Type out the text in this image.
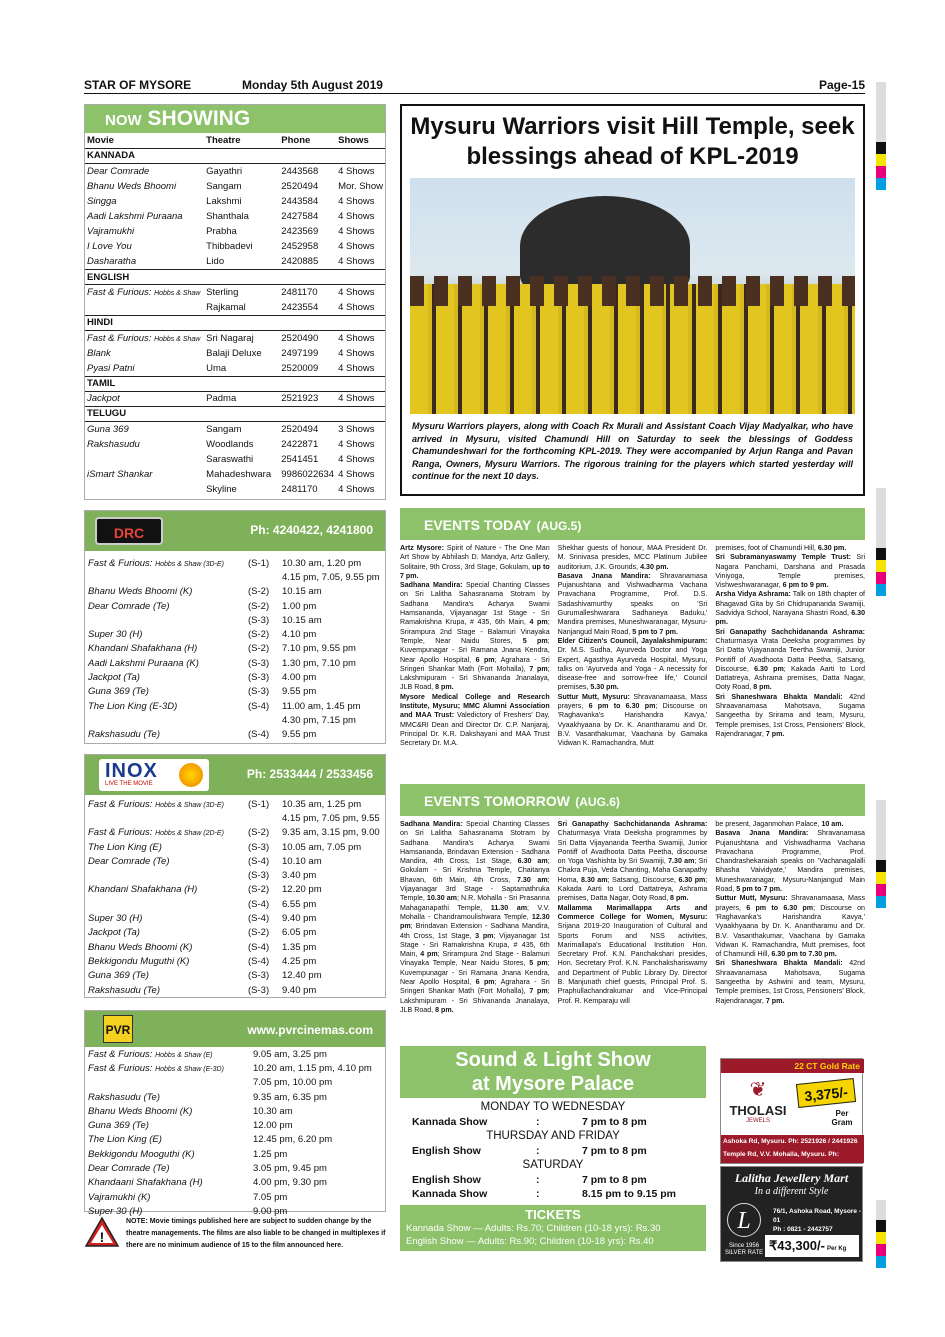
STAR OF MYSORE	Monday 5th August 2019	Page-15
NOW SHOWING
Movie	Theatre	Phone	Shows
KANNADA			
Dear Comrade	Gayathri	2443568	4 Shows
Bhanu Weds Bhoomi	Sangam	2520494	Mor. Show
Singga	Lakshmi	2443584	4 Shows
Aadi Lakshmi Puraana	Shanthala	2427584	4 Shows
Vajramukhi	Prabha	2423569	4 Shows
I Love You	Thibbadevi	2452958	4 Shows
Dasharatha	Lido	2420885	4 Shows
ENGLISH			
Fast & Furious: Hobbs & Shaw	Sterling	2481170	4 Shows
	Rajkamal	2423554	4 Shows
HINDI			
Fast & Furious: Hobbs & Shaw	Sri Nagaraj	2520490	4 Shows
Blank	Balaji Deluxe	2497199	4 Shows
Pyasi Patni	Uma	2520009	4 Shows
TAMIL			
Jackpot	Padma	2521923	4 Shows
TELUGU			
Guna 369	Sangam	2520494	3 Shows
Rakshasudu	Woodlands	2422871	4 Shows
	Saraswathi	2541451	4 Shows
iSmart Shankar	Mahadeshwara	9986022634	4 Shows
	Skyline	2481170	4 Shows
DRC	Ph: 4240422, 4241800
Fast & Furious: Hobbs & Shaw (3D-E)	(S-1)	10.30 am, 1.20 pm
		4.15 pm, 7.05, 9.55 pm
Bhanu Weds Bhoomi (K)	(S-2)	10.15 am
Dear Comrade (Te)	(S-2)	1.00 pm
	(S-3)	10.15 am
Super 30 (H)	(S-2)	4.10 pm
Khandani Shafakhana (H)	(S-2)	7.10 pm, 9.55 pm
Aadi Lakshmi Puraana (K)	(S-3)	1.30 pm, 7.10 pm
Jackpot (Ta)	(S-3)	4.00 pm
Guna 369 (Te)	(S-3)	9.55 pm
The Lion King (E-3D)	(S-4)	11.00 am, 1.45 pm
		4.30 pm, 7.15 pm
Rakshasudu (Te)	(S-4)	9.55 pm
INOX
LIVE THE MOVIE
Ph: 2533444 / 2533456
Fast & Furious: Hobbs & Shaw (3D-E)	(S-1)	10.35 am, 1.25 pm
		4.15 pm, 7.05 pm, 9.55
Fast & Furious: Hobbs & Shaw (2D-E)	(S-2)	9.35 am, 3.15 pm, 9.00
The Lion King (E)	(S-3)	10.05 am, 7.05 pm
Dear Comrade (Te)	(S-4)	10.10 am
	(S-3)	3.40 pm
Khandani Shafakhana (H)	(S-2)	12.20 pm
	(S-4)	6.55 pm
Super 30 (H)	(S-4)	9.40 pm
Jackpot (Ta)	(S-2)	6.05 pm
Bhanu Weds Bhoomi (K)	(S-4)	1.35 pm
Bekkigondu Muguthi (K)	(S-4)	4.25 pm
Guna 369 (Te)	(S-3)	12.40 pm
Rakshasudu (Te)	(S-3)	9.40 pm
PVR	www.pvrcinemas.com
Fast & Furious: Hobbs & Shaw (E)	9.05 am, 3.25 pm
Fast & Furious: Hobbs & Shaw (E-3D)	10.20 am, 1.15 pm, 4.10 pm
	7.05 pm, 10.00 pm
Rakshasudu (Te)	9.35 am, 6.35 pm
Bhanu Weds Bhoomi (K)	10.30 am
Guna 369 (Te)	12.00 pm
The Lion King (E)	12.45 pm, 6.20 pm
Bekkigondu Mooguthi (K)	1.25 pm
Dear Comrade (Te)	3.05 pm, 9.45 pm
Khandaani Shafakhana (H)	4.00 pm, 9.30 pm
Vajramukhi (K)	7.05 pm
Super 30 (H)	9.00 pm
!
NOTE: Movie timings published here are subject to sudden change by the theatre managements. The films are also liable to be changed in multiplexes if there are no minimum audience of 15 to the film announced here.
Mysuru Warriors visit Hill Temple, seek blessings ahead of KPL-2019
Mysuru Warriors players, along with Coach Rx Murali and Assistant Coach Vijay Madyalkar, who have arrived in Mysuru, visited Chamundi Hill on Saturday to seek the blessings of Goddess Chamundeshwari for the forthcoming KPL-2019. They were accompanied by Arjun Ranga and Pavan Ranga, Owners, Mysuru Warriors. The rigorous training for the players which started yesterday will continue for the next 10 days.
EVENTS TODAY (AUG.5)
Artz Mysore: Spirit of Nature - The One Man Art Show by Abhilash D. Mandya, Artz Gallery, Solitaire, 9th Cross, 3rd Stage, Gokulam, up to 7 pm.
Sadhana Mandira: Special Chanting Classes on Sri Lalitha Sahasranama Stotram by Sadhana Mandira's Acharya Swami Hamsananda, Vijayanagar 1st Stage - Sri Ramakrishna Krupa, # 435, 6th Main, 4 pm; Srirampura 2nd Stage - Balamuri Vinayaka Temple, Near Naidu Stores, 5 pm; Kuvempunagar - Sri Ramana Jnana Kendra, Near Apollo Hospital, 6 pm; Agrahara - Sri Sringeri Shankar Math (Fort Mohalla), 7 pm; Lakshmipuram - Sri Shivananda Jnanalaya, JLB Road, 8 pm.
Mysore Medical College and Research Institute, Mysuru; MMC Alumni Association and MAA Trust: Valedictory of Freshers' Day, MMC&RI Dean and Director Dr. C.P. Nanjaraj, Principal Dr. K.R. Dakshayani and MAA Trust Secretary Dr. M.A.
Shekhar guests of honour, MAA President Dr. M. Srinivasa presides, MCC Platinum Jubilee auditorium, J.K. Grounds, 4.30 pm.
Basava Jnana Mandira: Shravanamasa Pujanushtana and Vishwadharma Vachana Pravachana Programme, Prof. D.S. Sadashivamurthy speaks on 'Sri Gurumalleshwarara Sadhaneya Baduku,' Mandira premises, Muneshwaranagar, Mysuru-Nanjangud Main Road, 5 pm to 7 pm.
Elder Citizen's Council, Jayalakshmipuram: Dr. M.S. Sudha, Ayurveda Doctor and Yoga Expert, Agasthya Ayurveda Hospital, Mysuru, talks on 'Ayurveda and Yoga - A necessity for disease-free and sorrow-free life,' Council premises, 5.30 pm.
Suttur Mutt, Mysuru: Shravanamaasa, Mass prayers, 6 pm to 6.30 pm; Discourse on 'Raghavanka's Harishandra Kavya,' Vyaakhyaana by Dr. K. Anantharamu and Dr. B.V. Vasanthakumar, Vaachana by Gamaka Vidwan K. Ramachandra, Mutt
premises, foot of Chamundi Hill, 6.30 pm.
Sri Subramanyaswamy Temple Trust: Sri Nagara Panchami, Darshana and Prasada Viniyoga, Temple premises, Vishweshwaranagar, 6 pm to 9 pm.
Arsha Vidya Ashrama: Talk on 18th chapter of Bhagavad Gita by Sri Chidrupananda Swamiji, Sadvidya School, Narayana Shastri Road, 6.30 pm.
Sri Ganapathy Sachchidananda Ashrama: Chaturmasya Vrata Deeksha programmes by Sri Datta Vijayananda Teertha Swamiji, Junior Pontiff of Avadhoota Datta Peetha, Satsang, Discourse, 6.30 pm; Kakada Aarti to Lord Dattatreya, Ashrama premises, Datta Nagar, Ooty Road, 8 pm.
Sri Shaneshwara Bhakta Mandali: 42nd Shraavanamasa Mahotsava, Sugama Sangeetha by Srirama and team, Mysuru, Temple premises, 1st Cross, Pensioners' Block, Rajendranagar, 7 pm.
EVENTS TOMORROW (AUG.6)
Sadhana Mandira: Special Chanting Classes on Sri Lalitha Sahasranama Stotram by Sadhana Mandira's Acharya Swami Hamsananda, Brindavan Extension - Sadhana Mandira, 4th Cross, 1st Stage, 6.30 am; Gokulam - Sri Krishna Temple, Chaitanya Bhavan, 6th Main, 4th Cross, 7.30 am; Vijayanagar 3rd Stage - Saptamathruka Temple, 10.30 am; N.R. Mohalla - Sri Prasanna Mahaganapathi Temple, 11.30 am; V.V. Mohalla - Chandramoulishwara Temple, 12.30 pm; Brindavan Extension - Sadhana Mandira, 4th Cross, 1st Stage, 3 pm; Vijayanagar 1st Stage - Sri Ramakrishna Krupa, # 435, 6th Main, 4 pm; Srirampura 2nd Stage - Balamuri Vinayaka Temple, Near Naidu Stores, 5 pm; Kuvempunagar - Sri Ramana Jnana Kendra, Near Apollo Hospital, 6 pm; Agrahara - Sri Sringeri Shankar Math (Fort Mohalla), 7 pm; Lakshmipuram - Sri Shivananda Jnanalaya, JLB Road, 8 pm.
Sri Ganapathy Sachchidananda Ashrama: Chaturmasya Vrata Deeksha programmes by Sri Datta Vijayananda Teertha Swamiji, Junior Pontiff of Avadhoota Datta Peetha, discourse on Yoga Vashishta by Sri Swamiji, 7.30 am; Sri Chakra Puja, Veda Chanting, Maha Ganapathy Homa, 8.30 am; Satsang, Discourse, 6.30 pm; Kakada Aarti to Lord Dattatreya, Ashrama premises, Datta Nagar, Ooty Road, 8 pm.
Mallamma Marimallappa Arts and Commerce College for Women, Mysuru: Srijana 2019-20 Inauguration of Cultural and Sports Forum and NSS activities, Marimallapa's Educational Institution Hon. Secretary Prof. K.N. Panchakshari presides, Hon. Secretary Prof. K.N. Panchakshariswamy and Department of Public Library Dy. Director B. Manjunath chief guests, Principal Prof. S. Praphullachandrakumar and Vice-Principal Prof. R. Kemparaju will
be present, Jaganmohan Palace, 10 am.
Basava Jnana Mandira: Shravanamasa Pujanushtana and Vishwadharma Vachana Pravachana Programme, Prof. Chandrashekaraiah speaks on 'Vachanagalalli Bhasha Vaividyate,' Mandira premises, Muneshwaranagar, Mysuru-Nanjangud Main Road, 5 pm to 7 pm.
Suttur Mutt, Mysuru: Shravanamaasa, Mass prayers, 6 pm to 6.30 pm; Discourse on 'Raghavanka's Harishandra Kavya,' Vyaakhyaana by Dr. K. Anantharamu and Dr. B.V. Vasanthakumar, Vaachana by Gamaka Vidwan K. Ramachandra, Mutt premises, foot of Chamundi Hill, 6.30 pm to 7.30 pm.
Sri Shaneshwara Bhakta Mandali: 42nd Shraavanamasa Mahotsava, Sugama Sangeetha by Ashwini and team, Mysuru, Temple premises, 1st Cross, Pensioners' Block, Rajendranagar, 7 pm.
Sound & Light Show
at Mysore Palace
MONDAY TO WEDNESDAY
Kannada Show	:	7 pm to 8 pm
THURSDAY AND FRIDAY
English Show	:	7 pm to 8 pm
SATURDAY
English Show	:	7 pm to 8 pm
Kannada Show	:	8.15 pm to 9.15 pm
TICKETS
Kannada Show — Adults: Rs.70; Children (10-18 yrs): Rs.30
English Show — Adults: Rs.90; Children (10-18 yrs): Rs.40
22 CT Gold Rate
❦
THOLASI
JEWELS
3,375/-
Per Gram
Ashoka Rd, Mysuru. Ph: 2521926 / 2441926
Temple Rd, V.V. Mohalla, Mysuru. Ph:
Lalitha Jewellery Mart
In a different Style
L	76/1, Ashoka Road, Mysore - 01
Ph : 0821 - 2442757
Since 1956
SILVER RATE ₹43,300/- Per Kg
